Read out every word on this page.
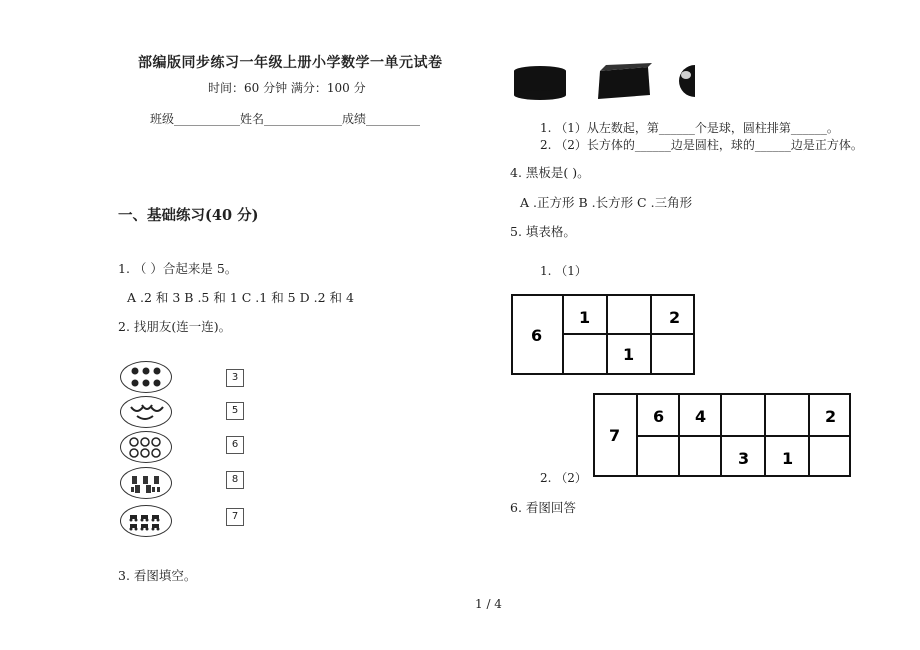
部编版同步练习一年级上册小学数学一单元试卷
时间：60 分钟 满分：100 分
班级___________姓名_____________成绩_________
一、基础练习(40 分)
1. （ ）合起来是 5。
A .2 和 3 B .5 和 1 C .1 和 5 D .2 和 4
2. 找朋友(连一连)。
3
5
6
8
7
3. 看图填空。
1. （1）从左数起，第______个是球，圆柱排第______。
2. （2）长方体的______边是圆柱，球的______边是正方体。
4. 黑板是( )。
A .正方形 B .长方形 C .三角形
5. 填表格。
1. （1）
6
1	2
1
7
6 4	2
3 1
2. （2）
6. 看图回答
1 / 4
